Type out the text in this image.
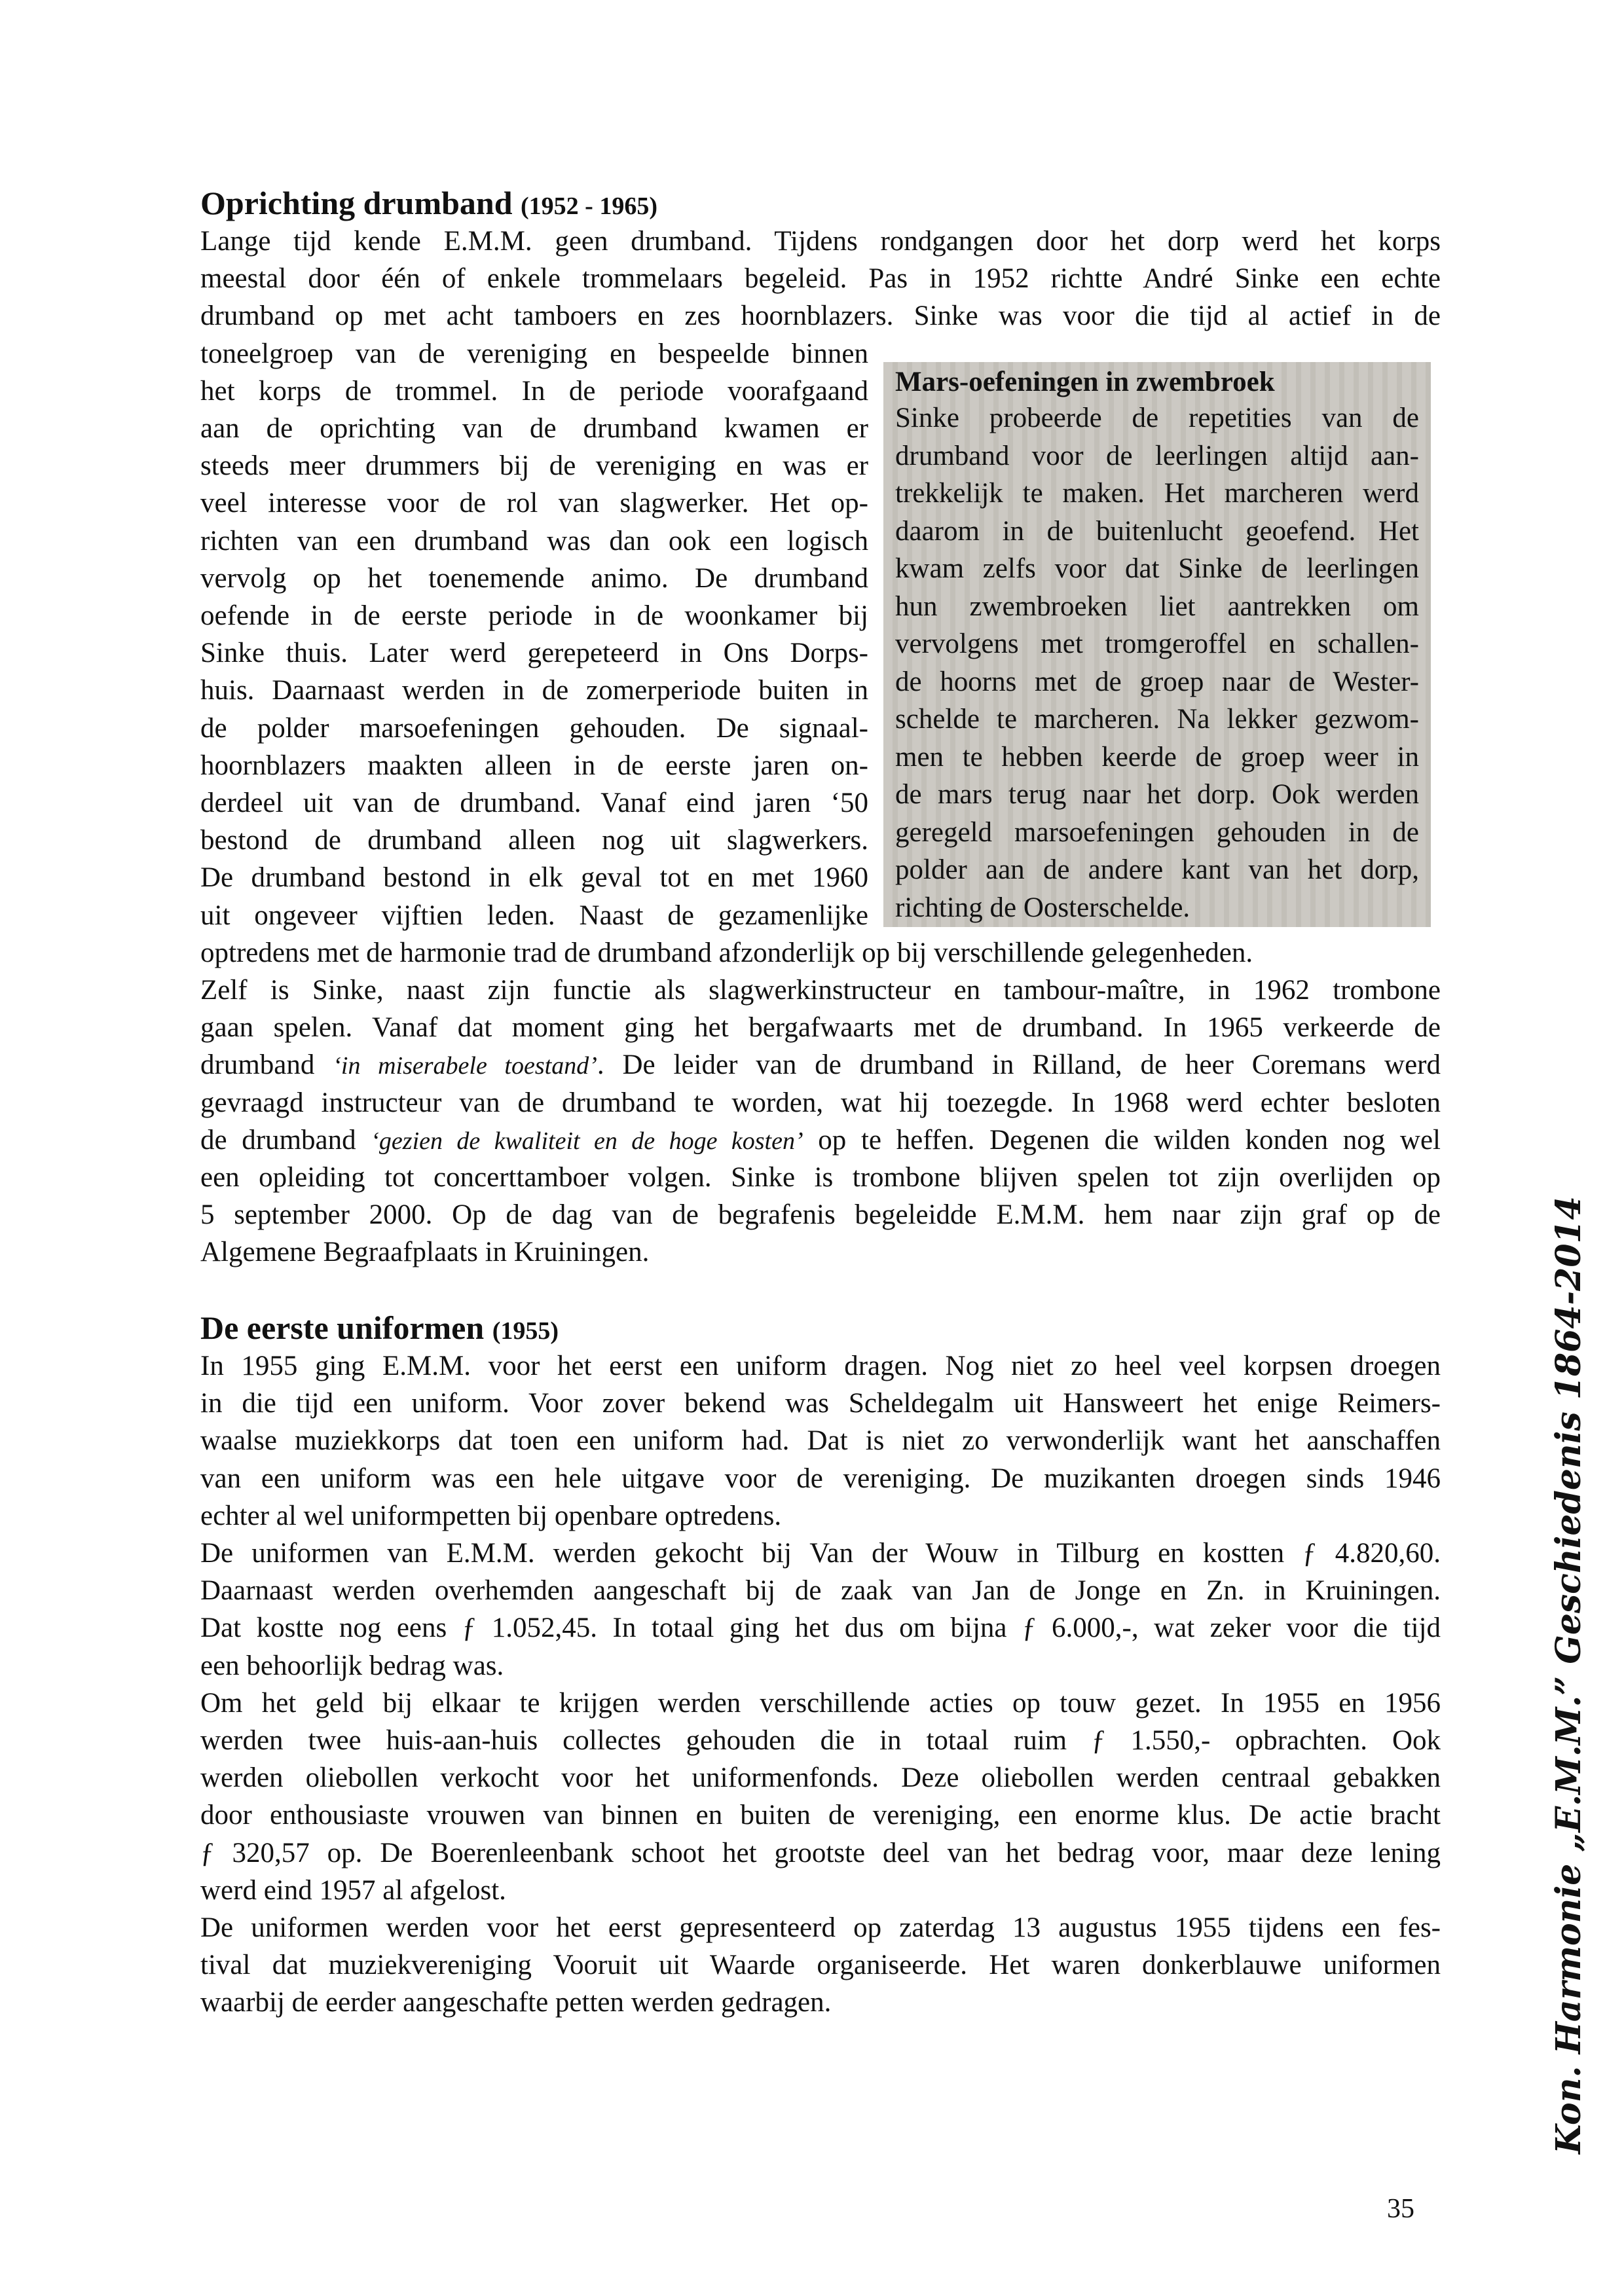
Oprichting drumband (1952 - 1965)
Lange tijd kende E.M.M. geen drumband. Tijdens rondgangen door het dorp werd het korps
meestal door één of enkele trommelaars begeleid. Pas in 1952 richtte André Sinke een echte
drumband op met acht tamboers en zes hoornblazers. Sinke was voor die tijd al actief in de
toneelgroep van de vereniging en bespeelde binnen
het korps de trommel. In de periode voorafgaand
aan de oprichting van de drumband kwamen er
steeds meer drummers bij de vereniging en was er
veel interesse voor de rol van slagwerker. Het op-
richten van een drumband was dan ook een logisch
vervolg op het toenemende animo. De drumband
oefende in de eerste periode in de woonkamer bij
Sinke thuis. Later werd gerepeteerd in Ons Dorps-
huis. Daarnaast werden in de zomerperiode buiten in
de polder marsoefeningen gehouden. De signaal-
hoornblazers maakten alleen in de eerste jaren on-
derdeel uit van de drumband. Vanaf eind jaren ‘50
bestond de drumband alleen nog uit slagwerkers.
De drumband bestond in elk geval tot en met 1960
uit ongeveer vijftien leden. Naast de gezamenlijke
optredens met de harmonie trad de drumband afzonderlijk op bij verschillende gelegenheden.
Zelf is Sinke, naast zijn functie als slagwerkinstructeur en tambour-maître, in 1962 trombone
gaan spelen. Vanaf dat moment ging het bergafwaarts met de drumband. In 1965 verkeerde de
drumband ‘in miserabele toestand’. De leider van de drumband in Rilland, de heer Coremans werd
gevraagd instructeur van de drumband te worden, wat hij toezegde. In 1968 werd echter besloten
de drumband ‘gezien de kwaliteit en de hoge kosten’ op te heffen. Degenen die wilden konden nog wel
een opleiding tot concerttamboer volgen. Sinke is trombone blijven spelen tot zijn overlijden op
5 september 2000. Op de dag van de begrafenis begeleidde E.M.M. hem naar zijn graf op de
Algemene Begraafplaats in Kruiningen.
Mars-oefeningen in zwembroek
Sinke probeerde de repetities van de
drumband voor de leerlingen altijd aan-
trekkelijk te maken. Het marcheren werd
daarom in de buitenlucht geoefend. Het
kwam zelfs voor dat Sinke de leerlingen
hun zwembroeken liet aantrekken om
vervolgens met tromgeroffel en schallen-
de hoorns met de groep naar de Wester-
schelde te marcheren. Na lekker gezwom-
men te hebben keerde de groep weer in
de mars terug naar het dorp. Ook werden
geregeld marsoefeningen gehouden in de
polder aan de andere kant van het dorp,
richting de Oosterschelde.
De eerste uniformen (1955)
In 1955 ging E.M.M. voor het eerst een uniform dragen. Nog niet zo heel veel korpsen droegen
in die tijd een uniform. Voor zover bekend was Scheldegalm uit Hansweert het enige Reimers-
waalse muziekkorps dat toen een uniform had. Dat is niet zo verwonderlijk want het aanschaffen
van een uniform was een hele uitgave voor de vereniging. De muzikanten droegen sinds 1946
echter al wel uniformpetten bij openbare optredens.
De uniformen van E.M.M. werden gekocht bij Van der Wouw in Tilburg en kostten ƒ 4.820,60.
Daarnaast werden overhemden aangeschaft bij de zaak van Jan de Jonge en Zn. in Kruiningen.
Dat kostte nog eens ƒ 1.052,45. In totaal ging het dus om bijna ƒ 6.000,-, wat zeker voor die tijd
een behoorlijk bedrag was.
Om het geld bij elkaar te krijgen werden verschillende acties op touw gezet. In 1955 en 1956
werden twee huis-aan-huis collectes gehouden die in totaal ruim ƒ 1.550,- opbrachten. Ook
werden oliebollen verkocht voor het uniformenfonds. Deze oliebollen werden centraal gebakken
door enthousiaste vrouwen van binnen en buiten de vereniging, een enorme klus. De actie bracht
ƒ 320,57 op. De Boerenleenbank schoot het grootste deel van het bedrag voor, maar deze lening
werd eind 1957 al afgelost.
De uniformen werden voor het eerst gepresenteerd op zaterdag 13 augustus 1955 tijdens een fes-
tival dat muziekvereniging Vooruit uit Waarde organiseerde. Het waren donkerblauwe uniformen
waarbij de eerder aangeschafte petten werden gedragen.	Kon. Harmonie „E.M.M.” Geschiedenis 1864-2014
35
